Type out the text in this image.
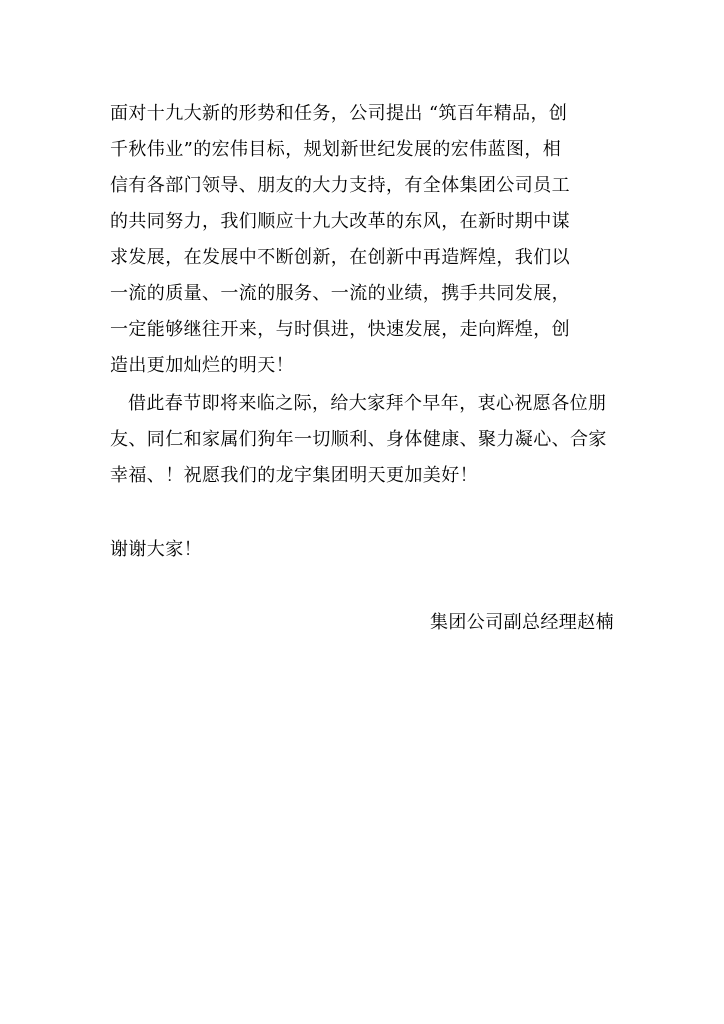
面对十九大新的形势和任务，公司提出 “筑百年精品，创
千秋伟业”的宏伟目标，规划新世纪发展的宏伟蓝图，相
信有各部门领导、朋友的大力支持，有全体集团公司员工
的共同努力，我们顺应十九大改革的东风，在新时期中谋
求发展，在发展中不断创新，在创新中再造辉煌，我们以
一流的质量、一流的服务、一流的业绩，携手共同发展，
一定能够继往开来，与时俱进，快速发展，走向辉煌，创
造出更加灿烂的明天！
借此春节即将来临之际，给大家拜个早年，衷心祝愿各位朋
友、同仁和家属们狗年一切顺利、身体健康、聚力凝心、合家
幸福、！祝愿我们的龙宇集团明天更加美好！
谢谢大家！
集团公司副总经理赵楠
